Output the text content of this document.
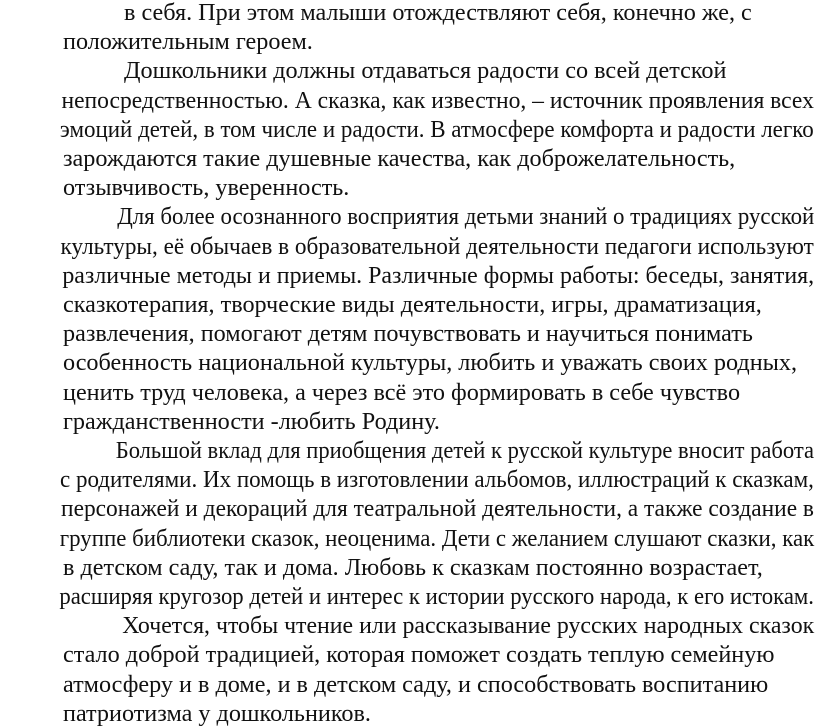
в себя. При этом малыши отождествляют себя, конечно же, с
положительным героем.

Дошкольники должны отдаваться радости со всей детской
непосредственностью. А сказка, как известно, – источник проявления всех
эмоций детей, в том числе и радости. В атмосфере комфорта и радости легко
зарождаются такие душевные качества, как доброжелательность,
отзывчивость, уверенность.

Для более осознанного восприятия детьми знаний о традициях русской
культуры, её обычаев в образовательной деятельности педагоги используют
различные методы и приемы. Различные формы работы: беседы, занятия,
сказкотерапия, творческие виды деятельности, игры, драматизация,
развлечения, помогают детям почувствовать и научиться понимать
особенность национальной культуры, любить и уважать своих родных,
ценить труд человека, а через всё это формировать в себе чувство
гражданственности -любить Родину.

Большой вклад для приобщения детей к русской культуре вносит работа
с родителями. Их помощь в изготовлении альбомов, иллюстраций к сказкам,
персонажей и декораций для театральной деятельности, а также создание в
группе библиотеки сказок, неоценима. Дети с желанием слушают сказки, как
в детском саду, так и дома. Любовь к сказкам постоянно возрастает,
расширяя кругозор детей и интерес к истории русского народа, к его истокам.

Хочется, чтобы чтение или рассказывание русских народных сказок
стало доброй традицией, которая поможет создать теплую семейную
атмосферу и в доме, и в детском саду, и способствовать воспитанию
патриотизма у дошкольников.
